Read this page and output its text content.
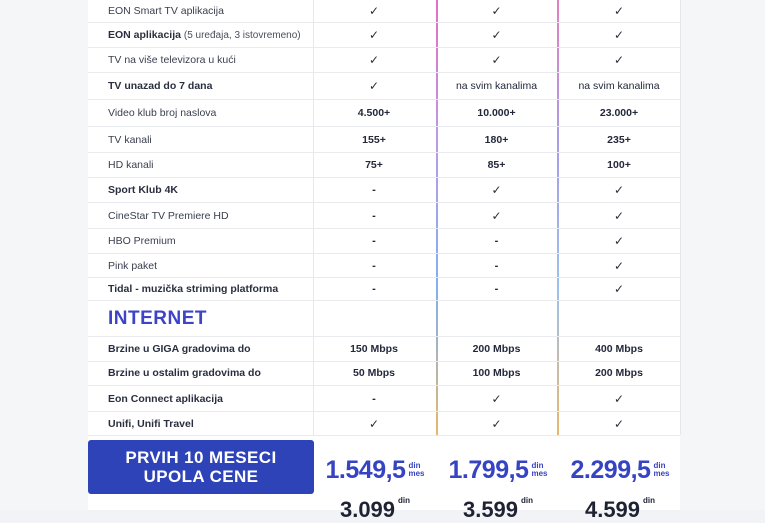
EON Smart TV aplikacija	✓	✓	✓
EON aplikacija
(5 uređaja, 3 istovremeno)	✓	✓	✓
TV na više televizora u kući	✓	✓	✓
TV unazad do 7 dana	✓	na svim kanalima	na svim kanalima
Video klub broj naslova	4.500+	10.000+	23.000+
TV kanali	155+	180+	235+
HD kanali	75+	85+	100+
Sport Klub 4K	-	✓	✓
CineStar TV Premiere HD	-	✓	✓
HBO Premium	-	-	✓
Pink paket	-	-	✓
Tidal - muzička striming platforma	-	-	✓
INTERNET
Brzine u GIGA gradovima do	150 Mbps	200 Mbps	400 Mbps
Brzine u ostalim gradovima do	50 Mbps	100 Mbps	200 Mbps
Eon Connect aplikacija	-	✓	✓
Unifi, Unifi Travel	✓	✓	✓
PRVIH 10 MESECI
UPOLA CENE	1.549,5 din
mes 1.799,5 din
mes 2.299,5 din
mes
3.099 din 3.599 din 4.599 din
